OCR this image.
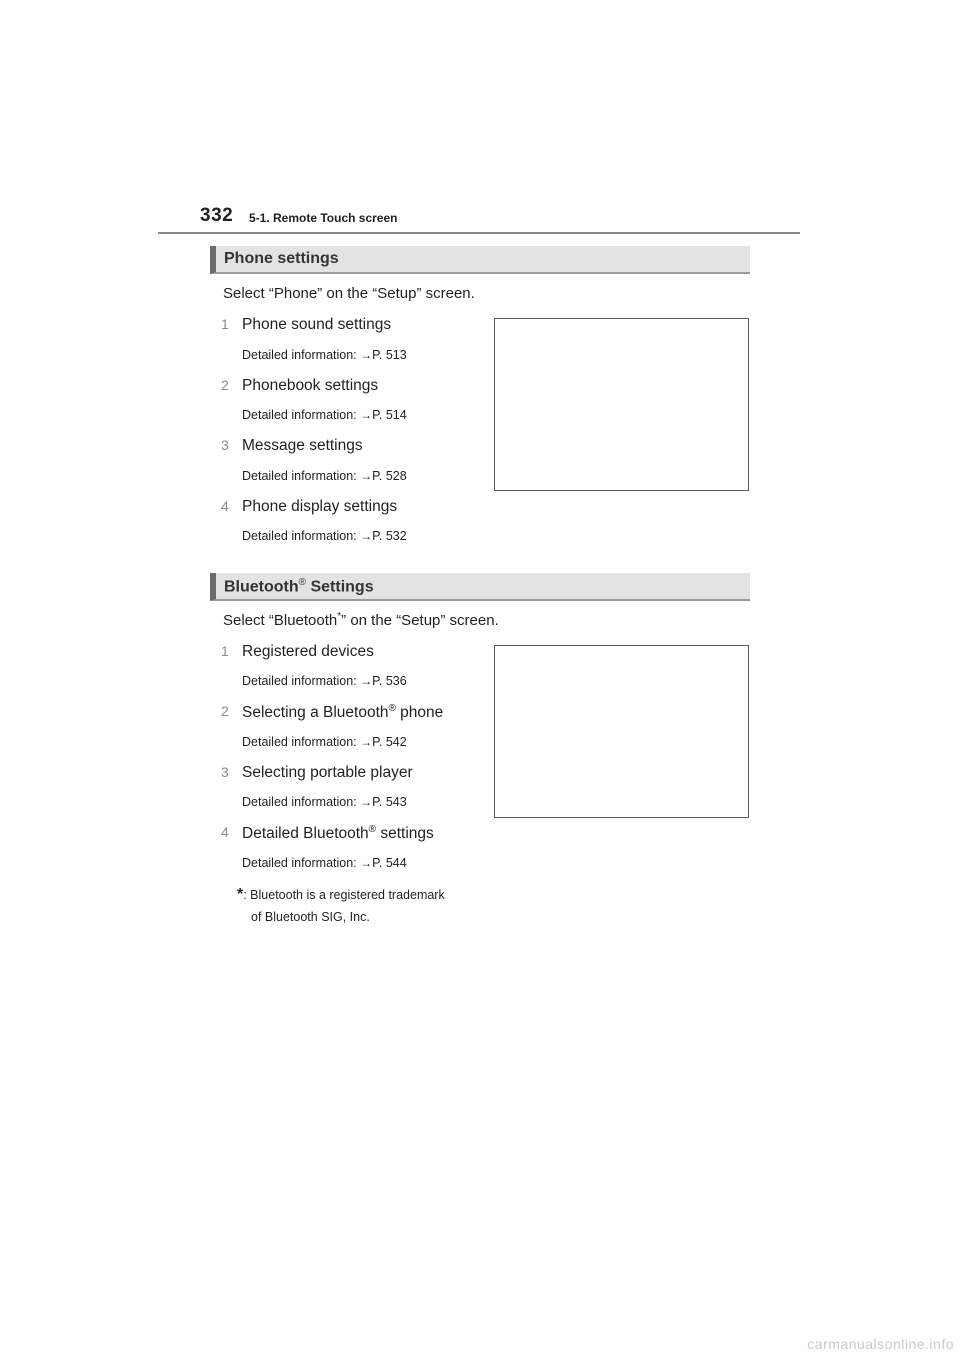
332 5-1. Remote Touch screen
Phone settings
Select “Phone” on the “Setup” screen.
1 Phone sound settings
Detailed information: →P. 513
2 Phonebook settings
Detailed information: →P. 514
3 Message settings
Detailed information: →P. 528
4 Phone display settings
Detailed information: →P. 532
Bluetooth® Settings
Select “Bluetooth*” on the “Setup” screen.
1 Registered devices
Detailed information: →P. 536
2 Selecting a Bluetooth® phone
Detailed information: →P. 542
3 Selecting portable player
Detailed information: →P. 543
4 Detailed Bluetooth® settings
Detailed information: →P. 544
*: Bluetooth is a registered trademark
of Bluetooth SIG, Inc.
carmanualsonline.info
